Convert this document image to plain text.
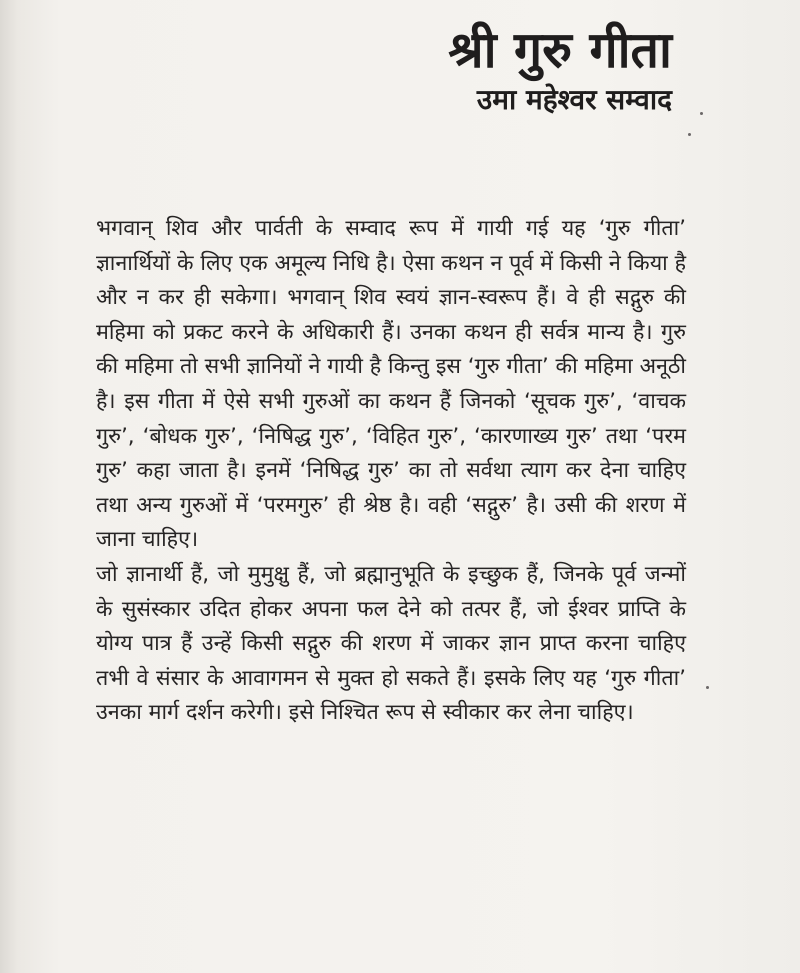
श्री गुरु गीता
उमा महेश्वर सम्वाद

भगवान् शिव और पार्वती के सम्वाद रूप में गायी गई यह ‘गुरु गीता’ ज्ञानार्थियों के लिए एक अमूल्य निधि है। ऐसा कथन न पूर्व में किसी ने किया है और न कर ही सकेगा। भगवान् शिव स्वयं ज्ञान-स्वरूप हैं। वे ही सद्गुरु की महिमा को प्रकट करने के अधिकारी हैं। उनका कथन ही सर्वत्र मान्य है। गुरु की महिमा तो सभी ज्ञानियों ने गायी है किन्तु इस ‘गुरु गीता’ की महिमा अनूठी है। इस गीता में ऐसे सभी गुरुओं का कथन हैं जिनको ‘सूचक गुरु’, ‘वाचक गुरु’, ‘बोधक गुरु’, ‘निषिद्ध गुरु’, ‘विहित गुरु’, ‘कारणाख्य गुरु’ तथा ‘परम गुरु’ कहा जाता है। इनमें ‘निषिद्ध गुरु’ का तो सर्वथा त्याग कर देना चाहिए तथा अन्य गुरुओं में ‘परमगुरु’ ही श्रेष्ठ है। वही ‘सद्गुरु’ है। उसी की शरण में जाना चाहिए।

जो ज्ञानार्थी हैं, जो मुमुक्षु हैं, जो ब्रह्मानुभूति के इच्छुक हैं, जिनके पूर्व जन्मों के सुसंस्कार उदित होकर अपना फल देने को तत्पर हैं, जो ईश्वर प्राप्ति के योग्य पात्र हैं उन्हें किसी सद्गुरु की शरण में जाकर ज्ञान प्राप्त करना चाहिए तभी वे संसार के आवागमन से मुक्त हो सकते हैं। इसके लिए यह ‘गुरु गीता’ उनका मार्ग दर्शन करेगी। इसे निश्चित रूप से स्वीकार कर लेना चाहिए।
